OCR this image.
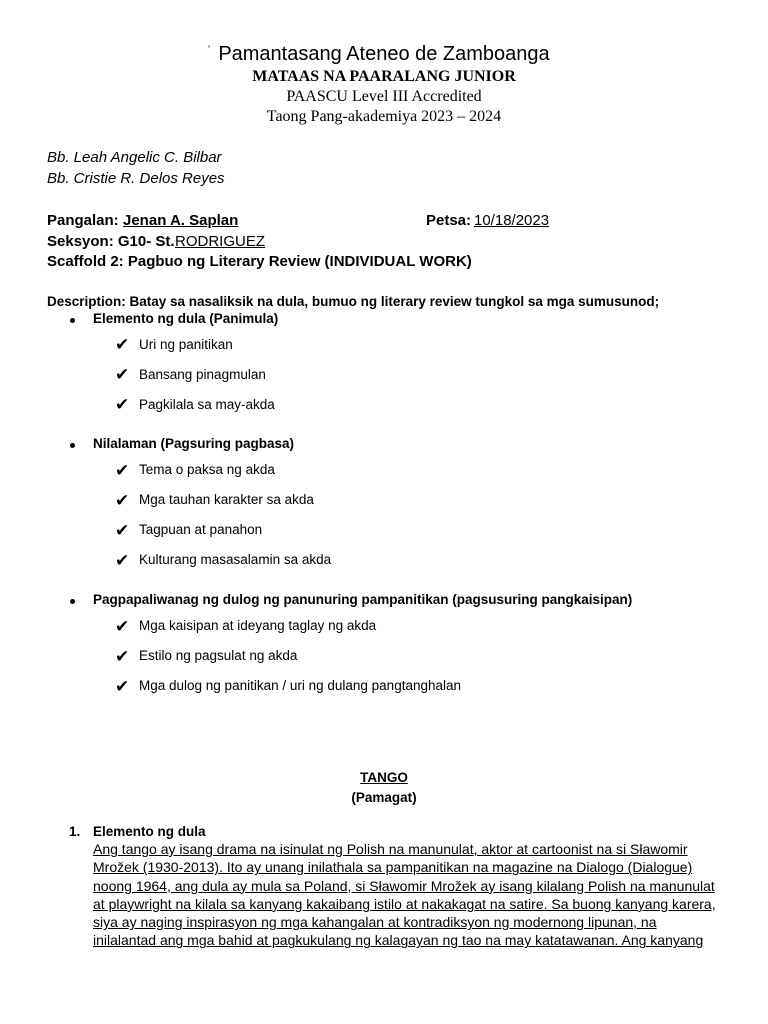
‘ Pamantasang Ateneo de Zamboanga
MATAAS NA PAARALANG JUNIOR
PAASCU Level III Accredited
Taong Pang-akademiya 2023 – 2024
Bb. Leah Angelic C. Bilbar
Bb. Cristie R. Delos Reyes
Pangalan: Jenan A. Saplan	Petsa: 10/18/2023
Seksyon: G10- St. RODRIGUEZ
Scaffold 2: Pagbuo ng Literary Review (INDIVIDUAL WORK)
Description: Batay sa nasaliksik na dula, bumuo ng literary review tungkol sa mga sumusunod;
Elemento ng dula (Panimula)
✔ Uri ng panitikan
✔ Bansang pinagmulan
✔ Pagkilala sa may-akda
Nilalaman (Pagsuring pagbasa)
✔ Tema o paksa ng akda
✔ Mga tauhan karakter sa akda
✔ Tagpuan at panahon
✔ Kulturang masasalamin sa akda
Pagpapaliwanag ng dulog ng panunuring pampanitikan (pagsusuring pangkaisipan)
✔ Mga kaisipan at ideyang taglay ng akda
✔ Estilo ng pagsulat ng akda
✔ Mga dulog ng panitikan / uri ng dulang pangtanghalan
TANGO
(Pamagat)
1. Elemento ng dula
Ang tango ay isang drama na isinulat ng Polish na manunulat, aktor at cartoonist na si Sławomir
Mrožek (1930-2013). Ito ay unang inilathala sa pampanitikan na magazine na Dialogo (Dialogue)
noong 1964, ang dula ay mula sa Poland, si Sławomir Mrožek ay isang kilalang Polish na manunulat
at playwright na kilala sa kanyang kakaibang istilo at nakakagat na satire. Sa buong kanyang karera,
siya ay naging inspirasyon ng mga kahangalan at kontradiksyon ng modernong lipunan, na
inilalantad ang mga bahid at pagkukulang ng kalagayan ng tao na may katatawanan. Ang kanyang
